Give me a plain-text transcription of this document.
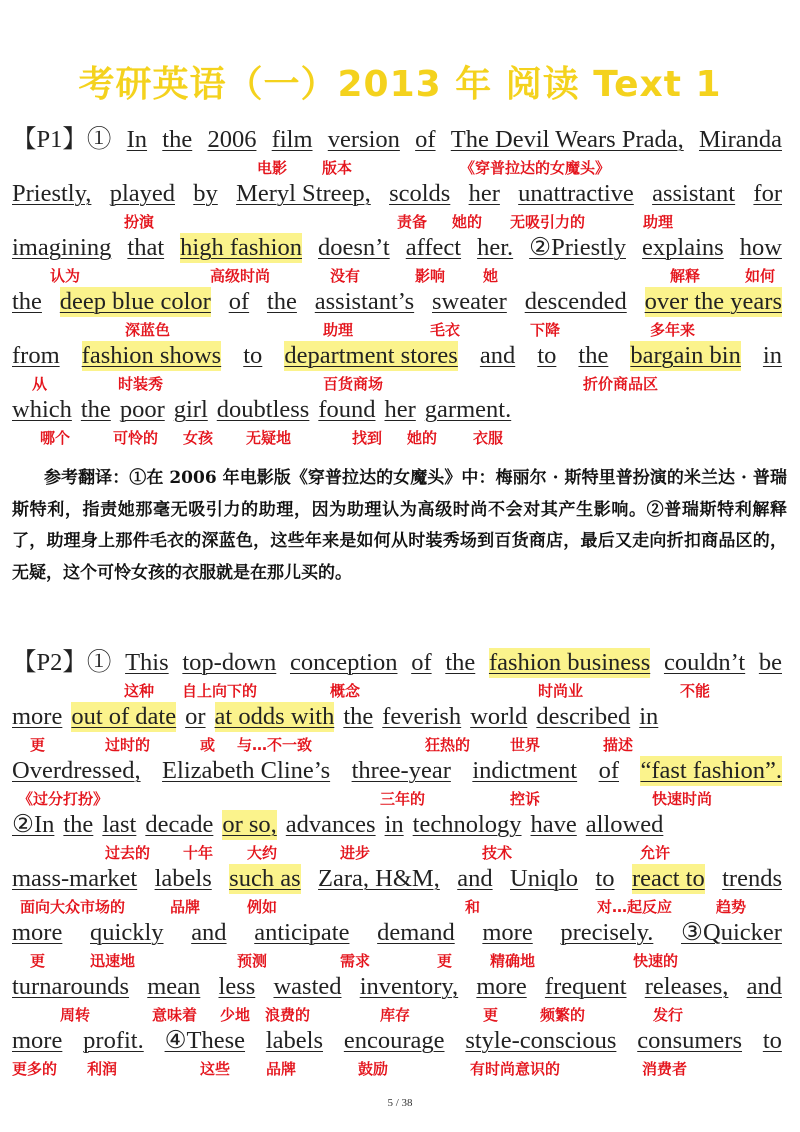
考研英语（一）2013 年 阅读 Text 1
【P1】① In the 2006 film version of The Devil Wears Prada, Miranda
Priestly, played by Meryl Streep, scolds her unattractive assistant for
imagining that high fashion doesn’t affect her. ②Priestly explains how
the deep blue color of the assistant’s sweater descended over the years
from fashion shows to department stores and to the bargain bin in
which the poor girl doubtless found her garment.
电影 版本	《穿普拉达的女魔头》
扮演	责备 她的 无吸引力的	助理
认为	高级时尚	没有	影响	她	解释	如何
深蓝色	助理	毛衣	下降	多年来
从	时装秀	百货商场	折价商品区
哪个	可怜的 女孩 无疑地	找到 她的 衣服
【P2】① This top-down conception of the fashion business couldn’t be
more out of date or at odds with the feverish world described in
Overdressed, Elizabeth Cline’s three-year indictment of “fast fashion”.
②In the last decade or so, advances in technology have allowed
mass-market labels such as Zara, H&M, and Uniqlo to react to trends
more quickly and anticipate demand more precisely. ③Quicker
turnarounds mean less wasted inventory, more frequent releases, and
more profit. ④These labels encourage style-conscious consumers to
这种 自上向下的	概念	时尚业	不能
更	过时的	或 与…不一致	狂热的	世界	描述
《过分打扮》	三年的	控诉	快速时尚
过去的 十年 大约	进步	技术	允许
面向大众市场的	品牌	例如	和	对…起反应	趋势
更	迅速地	预测	需求	更	精确地	快速的
周转	意味着 少地 浪费的	库存	更	频繁的	发行
更多的 利润	这些 品牌	鼓励	有时尚意识的	消费者

参考翻译：①在 2006 年电影版《穿普拉达的女魔头》中：梅丽尔 · 斯特里普扮演的米兰达 · 普瑞斯特利，指责她那毫无吸引力的助理，因为助理认为高级时尚不会对其产生影响。②普瑞斯特利解释了，助理身上那件毛衣的深蓝色，这些年来是如何从时装秀场到百货商店，最后又走向折扣商品区的，无疑，这个可怜女孩的衣服就是在那儿买的。

5 / 38
